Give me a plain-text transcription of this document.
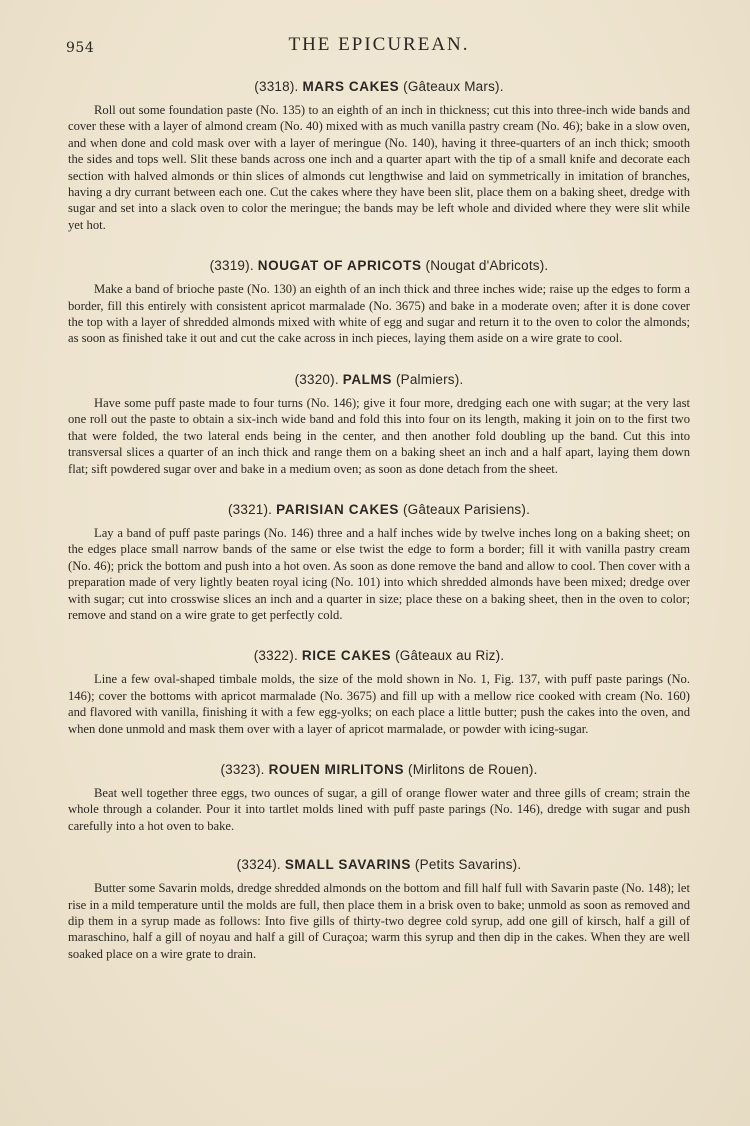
954	THE EPICUREAN.
(3318). MARS CAKES (Gâteaux Mars).

Roll out some foundation paste (No. 135) to an eighth of an inch in thickness; cut this into three-inch wide bands and cover these with a layer of almond cream (No. 40) mixed with as much vanilla pastry cream (No. 46); bake in a slow oven, and when done and cold mask over with a layer of meringue (No. 140), having it three-quarters of an inch thick; smooth the sides and tops well. Slit these bands across one inch and a quarter apart with the tip of a small knife and decorate each section with halved almonds or thin slices of almonds cut lengthwise and laid on symmetrically in imitation of branches, having a dry currant between each one. Cut the cakes where they have been slit, place them on a baking sheet, dredge with sugar and set into a slack oven to color the meringue; the bands may be left whole and divided where they were slit while yet hot.

(3319). NOUGAT OF APRICOTS (Nougat d'Abricots).

Make a band of brioche paste (No. 130) an eighth of an inch thick and three inches wide; raise up the edges to form a border, fill this entirely with consistent apricot marmalade (No. 3675) and bake in a moderate oven; after it is done cover the top with a layer of shredded almonds mixed with white of egg and sugar and return it to the oven to color the almonds; as soon as finished take it out and cut the cake across in inch pieces, laying them aside on a wire grate to cool.

(3320). PALMS (Palmiers).

Have some puff paste made to four turns (No. 146); give it four more, dredging each one with sugar; at the very last one roll out the paste to obtain a six-inch wide band and fold this into four on its length, making it join on to the first two that were folded, the two lateral ends being in the center, and then another fold doubling up the band. Cut this into transversal slices a quarter of an inch thick and range them on a baking sheet an inch and a half apart, laying them down flat; sift powdered sugar over and bake in a medium oven; as soon as done detach from the sheet.

(3321). PARISIAN CAKES (Gâteaux Parisiens).

Lay a band of puff paste parings (No. 146) three and a half inches wide by twelve inches long on a baking sheet; on the edges place small narrow bands of the same or else twist the edge to form a border; fill it with vanilla pastry cream (No. 46); prick the bottom and push into a hot oven. As soon as done remove the band and allow to cool. Then cover with a preparation made of very lightly beaten royal icing (No. 101) into which shredded almonds have been mixed; dredge over with sugar; cut into crosswise slices an inch and a quarter in size; place these on a baking sheet, then in the oven to color; remove and stand on a wire grate to get perfectly cold.

(3322). RICE CAKES (Gâteaux au Riz).

Line a few oval-shaped timbale molds, the size of the mold shown in No. 1, Fig. 137, with puff paste parings (No. 146); cover the bottoms with apricot marmalade (No. 3675) and fill up with a mellow rice cooked with cream (No. 160) and flavored with vanilla, finishing it with a few egg-yolks; on each place a little butter; push the cakes into the oven, and when done unmold and mask them over with a layer of apricot marmalade, or powder with icing-sugar.

(3323). ROUEN MIRLITONS (Mirlitons de Rouen).

Beat well together three eggs, two ounces of sugar, a gill of orange flower water and three gills of cream; strain the whole through a colander. Pour it into tartlet molds lined with puff paste parings (No. 146), dredge with sugar and push carefully into a hot oven to bake.

(3324). SMALL SAVARINS (Petits Savarins).

Butter some Savarin molds, dredge shredded almonds on the bottom and fill half full with Savarin paste (No. 148); let rise in a mild temperature until the molds are full, then place them in a brisk oven to bake; unmold as soon as removed and dip them in a syrup made as follows: Into five gills of thirty-two degree cold syrup, add one gill of kirsch, half a gill of maraschino, half a gill of noyau and half a gill of Curaçoa; warm this syrup and then dip in the cakes. When they are well soaked place on a wire grate to drain.
